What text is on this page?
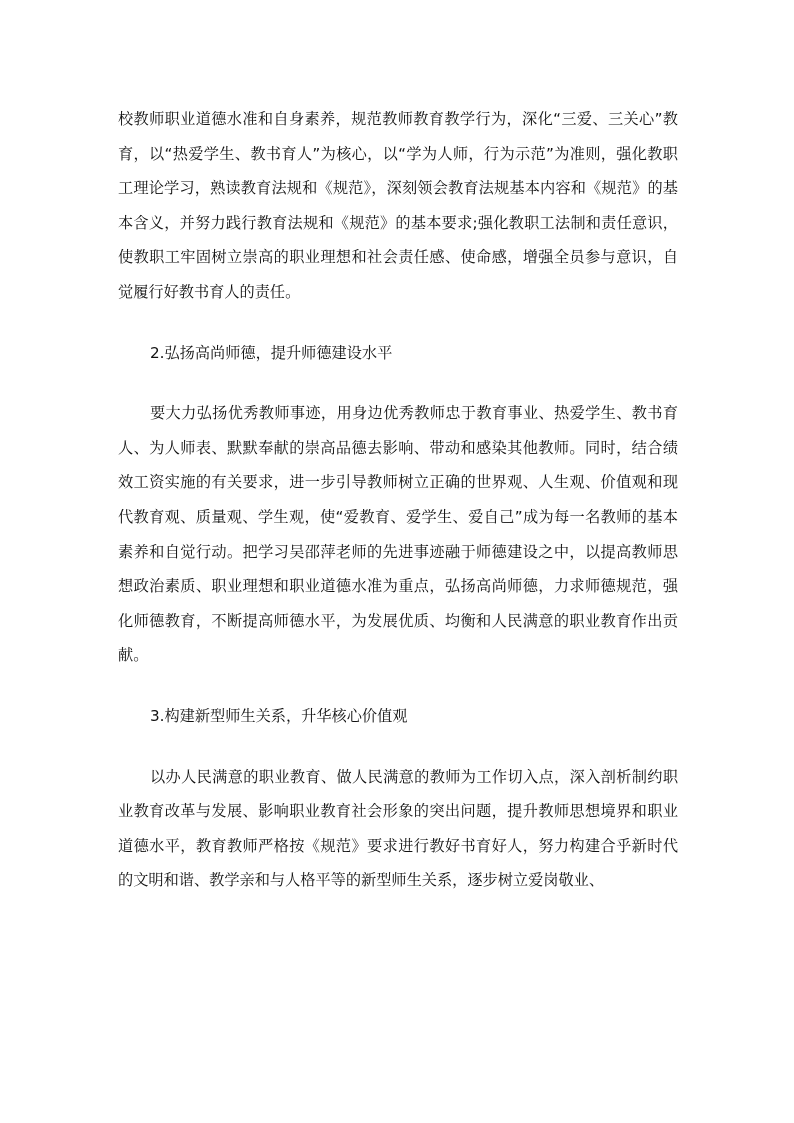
校教师职业道德水准和自身素养，规范教师教育教学行为，深化“三爱、三关心”教育，以“热爱学生、教书育人”为核心，以“学为人师，行为示范”为准则，强化教职工理论学习，熟读教育法规和《规范》，深刻领会教育法规基本内容和《规范》的基本含义，并努力践行教育法规和《规范》的基本要求;强化教职工法制和责任意识，使教职工牢固树立崇高的职业理想和社会责任感、使命感，增强全员参与意识，自觉履行好教书育人的责任。

2.弘扬高尚师德，提升师德建设水平

要大力弘扬优秀教师事迹，用身边优秀教师忠于教育事业、热爱学生、教书育人、为人师表、默默奉献的崇高品德去影响、带动和感染其他教师。同时，结合绩效工资实施的有关要求，进一步引导教师树立正确的世界观、人生观、价值观和现代教育观、质量观、学生观，使“爱教育、爱学生、爱自己”成为每一名教师的基本素养和自觉行动。把学习吴邵萍老师的先进事迹融于师德建设之中，以提高教师思想政治素质、职业理想和职业道德水准为重点，弘扬高尚师德，力求师德规范，强化师德教育，不断提高师德水平，为发展优质、均衡和人民满意的职业教育作出贡献。

3.构建新型师生关系，升华核心价值观

以办人民满意的职业教育、做人民满意的教师为工作切入点，深入剖析制约职业教育改革与发展、影响职业教育社会形象的突出问题，提升教师思想境界和职业道德水平，教育教师严格按《规范》要求进行教好书育好人，努力构建合乎新时代的文明和谐、教学亲和与人格平等的新型师生关系，逐步树立爱岗敬业、
